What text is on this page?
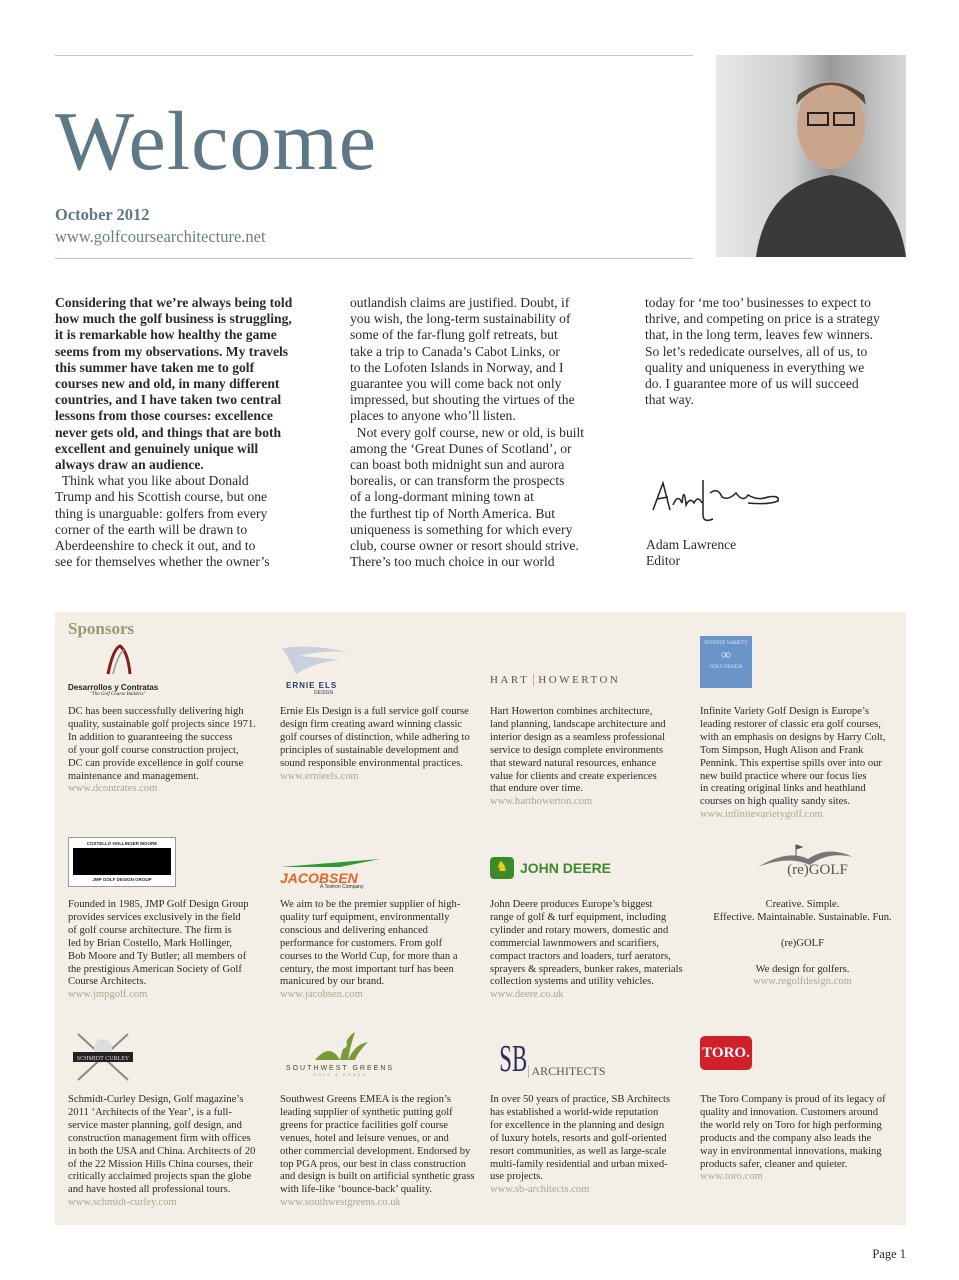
Welcome
October 2012
www.golfcoursearchitecture.net
Considering that we’re always being told
how much the golf business is struggling,
it is remarkable how healthy the game
seems from my observations. My travels
this summer have taken me to golf
courses new and old, in many different
countries, and I have taken two central
lessons from those courses: excellence
never gets old, and things that are both
excellent and genuinely unique will
always draw an audience.
Think what you like about Donald
Trump and his Scottish course, but one
thing is unarguable: golfers from every
corner of the earth will be drawn to
Aberdeenshire to check it out, and to
see for themselves whether the owner’s
outlandish claims are justified. Doubt, if
you wish, the long-term sustainability of
some of the far-flung golf retreats, but
take a trip to Canada’s Cabot Links, or
to the Lofoten Islands in Norway, and I
guarantee you will come back not only
impressed, but shouting the virtues of the
places to anyone who’ll listen.
Not every golf course, new or old, is built
among the ‘Great Dunes of Scotland’, or
can boast both midnight sun and aurora
borealis, or can transform the prospects
of a long-dormant mining town at
the furthest tip of North America. But
uniqueness is something for which every
club, course owner or resort should strive.
There’s too much choice in our world
today for ‘me too’ businesses to expect to
thrive, and competing on price is a strategy
that, in the long term, leaves few winners.
So let’s rededicate ourselves, all of us, to
quality and uniqueness in everything we
do. I guarantee more of us will succeed
that way.
Adam Lawrence
Editor
Sponsors
Desarrollos y Contratas
"The Golf Course Builders"
DC has been successfully delivering high
quality, sustainable golf projects since 1971.
In addition to guaranteeing the success
of your golf course construction project,
DC can provide excellence in golf course
maintenance and management.
www.dcontrates.com
ERNIE ELS
DESIGN
Ernie Els Design is a full service golf course
design firm creating award winning classic
golf courses of distinction, while adhering to
principles of sustainable development and
sound responsible environmental practices.
www.ernieels.com
HART HOWERTON
Hart Howerton combines architecture,
land planning, landscape architecture and
interior design as a seamless professional
service to design complete environments
that steward natural resources, enhance
value for clients and create experiences
that endure over time.
www.harthowerton.com
INFINITE VARIETY
∞
GOLF DESIGN
Infinite Variety Golf Design is Europe’s
leading restorer of classic era golf courses,
with an emphasis on designs by Harry Colt,
Tom Simpson, Hugh Alison and Frank
Pennink. This expertise spills over into our
new build practice where our focus lies
in creating original links and heathland
courses on high quality sandy sites.
www.infinitevarietygolf.com
COSTELLO HOLLINGER MOORE
JMP GOLF DESIGN GROUP
Founded in 1985, JMP Golf Design Group
provides services exclusively in the field
of golf course architecture. The firm is
led by Brian Costello, Mark Hollinger,
Bob Moore and Ty Butler; all members of
the prestigious American Society of Golf
Course Architects.
www.jmpgolf.com
JACOBSEN
A Textron Company
We aim to be the premier supplier of high-
quality turf equipment, environmentally
conscious and delivering enhanced
performance for customers. From golf
courses to the World Cup, for more than a
century, the most important turf has been
manicured by our brand.
www.jacobsen.com
♞ JOHN DEERE
John Deere produces Europe’s biggest
range of golf & turf equipment, including
cylinder and rotary mowers, domestic and
commercial lawnmowers and scarifiers,
compact tractors and loaders, turf aerators,
sprayers & spreaders, bunker rakes, materials
collection systems and utility vehicles.
www.deere.co.uk
(re)GOLF
Creative. Simple.
Effective. Maintainable. Sustainable. Fun.

(re)GOLF

We design for golfers.
www.regolfdesign.com
SCHMIDT CURLEY
Schmidt-Curley Design, Golf magazine’s
2011 ‘Architects of the Year’, is a full-
service master planning, golf design, and
construction management firm with offices
in both the USA and China. Architects of 20
of the 22 Mission Hills China courses, their
critically acclaimed projects span the globe
and have hosted all professional tours.
www.schmidt-curley.com
SOUTHWEST GREENS
GOLF & GRASS
Southwest Greens EMEA is the region’s
leading supplier of synthetic putting golf
greens for practice facilities golf course
venues, hotel and leisure venues, or and
other commercial development. Endorsed by
top PGA pros, our best in class construction
and design is built on artificial synthetic grass
with life-like ‘bounce-back’ quality.
www.southwestgreens.co.uk
SB ARCHITECTS
In over 50 years of practice, SB Architects
has established a world-wide reputation
for excellence in the planning and design
of luxury hotels, resorts and golf-oriented
resort communities, as well as large-scale
multi-family residential and urban mixed-
use projects.
www.sb-architects.com
TORO.
The Toro Company is proud of its legacy of
quality and innovation. Customers around
the world rely on Toro for high performing
products and the company also leads the
way in environmental innovations, making
products safer, cleaner and quieter.
www.toro.com
Page 1
